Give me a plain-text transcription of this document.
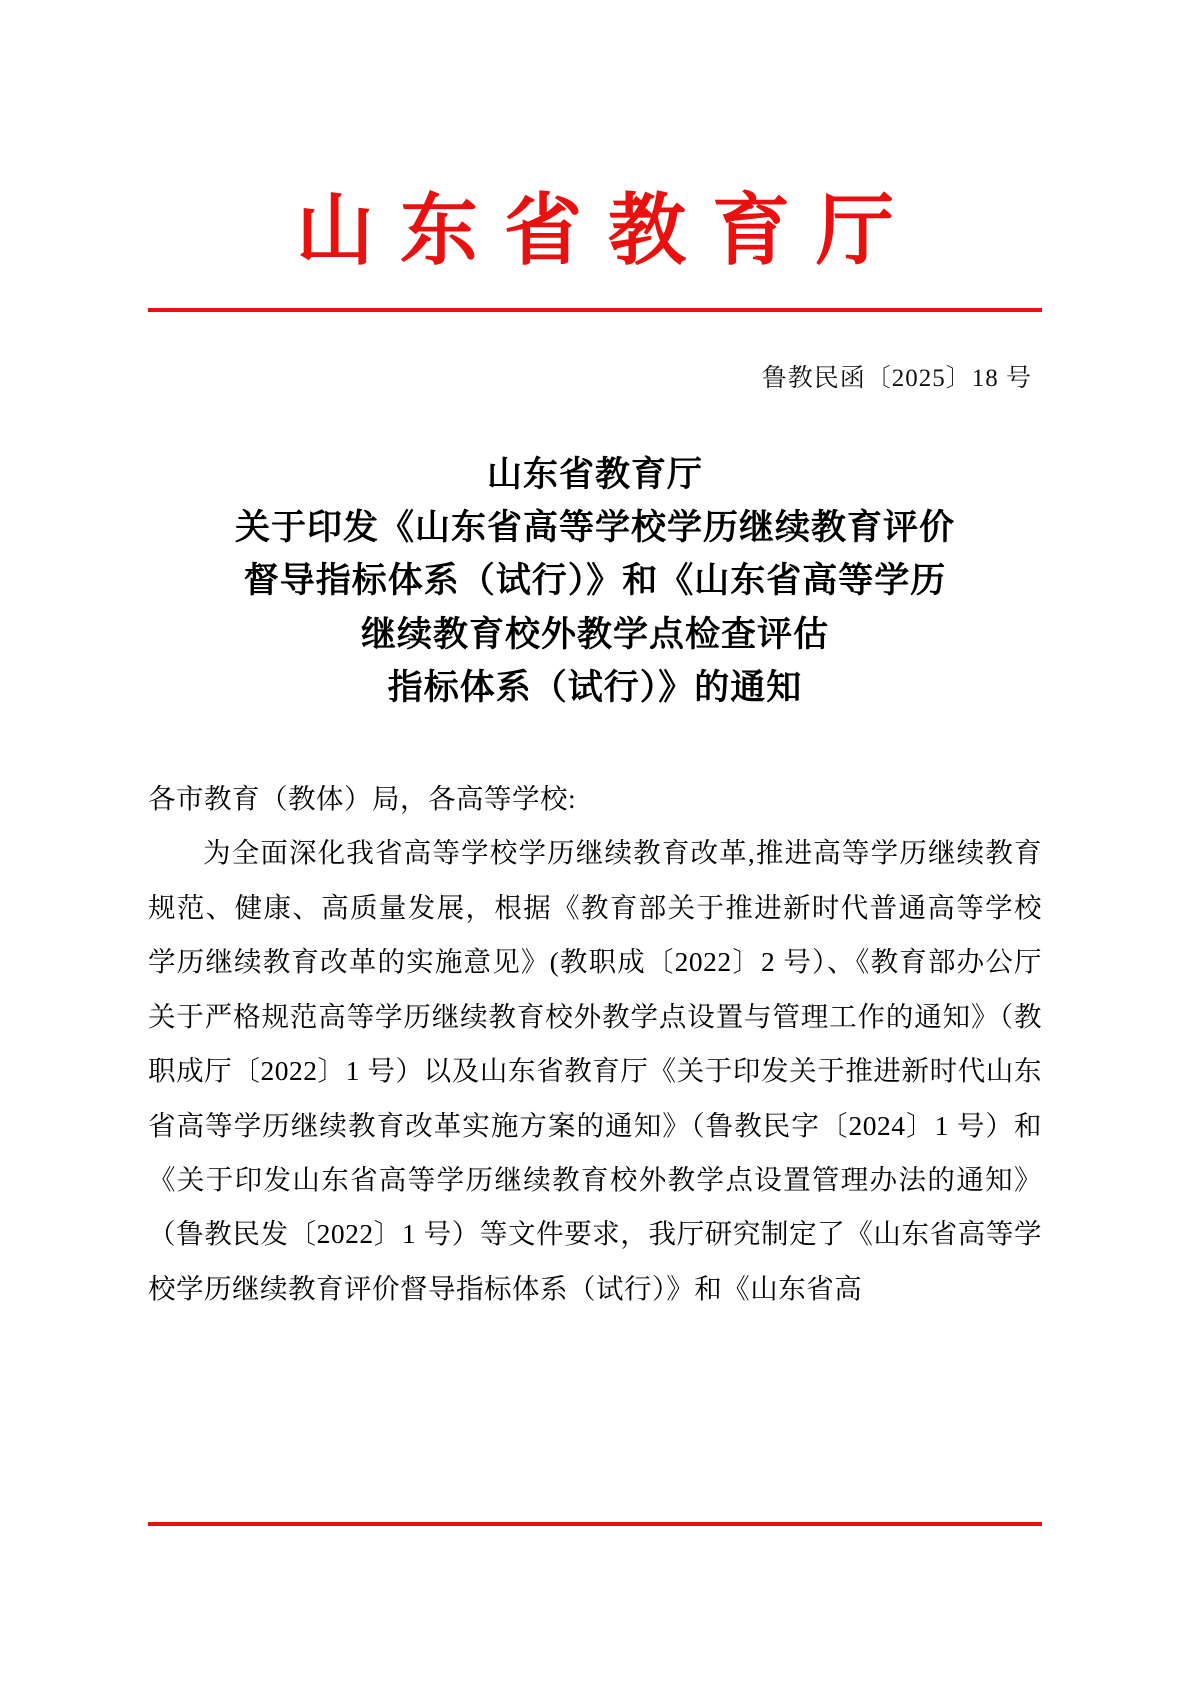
山东省教育厅
鲁教民函〔2025〕18 号
山东省教育厅
关于印发《山东省高等学校学历继续教育评价
督导指标体系（试行）》和《山东省高等学历
继续教育校外教学点检查评估
指标体系（试行）》的通知
各市教育（教体）局，各高等学校:
为全面深化我省高等学校学历继续教育改革,推进高等学历继续教育规范、健康、高质量发展，根据《教育部关于推进新时代普通高等学校学历继续教育改革的实施意见》(教职成〔2022〕2 号）、《教育部办公厅关于严格规范高等学历继续教育校外教学点设置与管理工作的通知》（教职成厅〔2022〕1 号）以及山东省教育厅《关于印发关于推进新时代山东省高等学历继续教育改革实施方案的通知》（鲁教民字〔2024〕1 号）和《关于印发山东省高等学历继续教育校外教学点设置管理办法的通知》（鲁教民发〔2022〕1 号）等文件要求，我厅研究制定了《山东省高等学校学历继续教育评价督导指标体系（试行）》和《山东省高
